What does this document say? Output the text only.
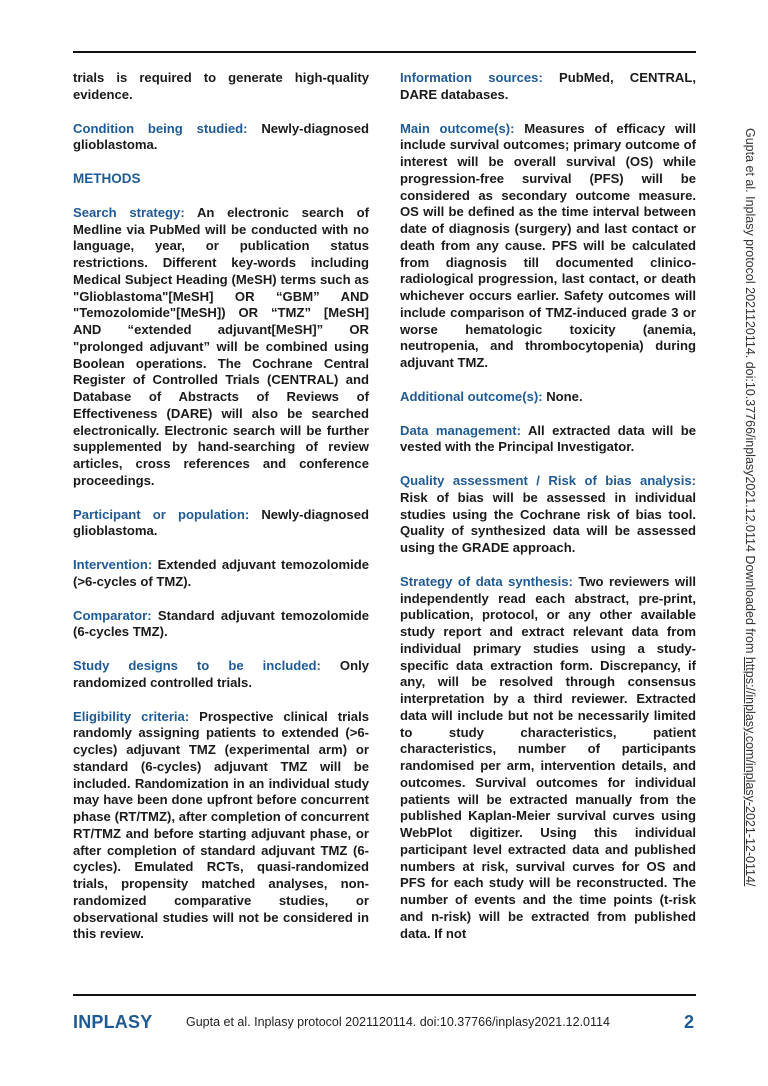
trials is required to generate high-quality evidence.

Condition being studied: Newly-diagnosed glioblastoma.

METHODS

Search strategy: An electronic search of Medline via PubMed will be conducted with no language, year, or publication status restrictions. Different key-words including Medical Subject Heading (MeSH) terms such as "Glioblastoma"[MeSH] OR “GBM” AND "Temozolomide"[MeSH]) OR “TMZ” [MeSH] AND “extended adjuvant[MeSH]” OR "prolonged adjuvant” will be combined using Boolean operations. The Cochrane Central Register of Controlled Trials (CENTRAL) and Database of Abstracts of Reviews of Effectiveness (DARE) will also be searched electronically. Electronic search will be further supplemented by hand-searching of review articles, cross references and conference proceedings.

Participant or population: Newly-diagnosed glioblastoma.

Intervention: Extended adjuvant temozolomide (>6-cycles of TMZ).

Comparator: Standard adjuvant temozolomide (6-cycles TMZ).

Study designs to be included: Only randomized controlled trials.

Eligibility criteria: Prospective clinical trials randomly assigning patients to extended (>6-cycles) adjuvant TMZ (experimental arm) or standard (6-cycles) adjuvant TMZ will be included. Randomization in an individual study may have been done upfront before concurrent phase (RT/TMZ), after completion of concurrent RT/TMZ and before starting adjuvant phase, or after completion of standard adjuvant TMZ (6-cycles). Emulated RCTs, quasi-randomized trials, propensity matched analyses, non-randomized comparative studies, or observational studies will not be considered in this review.

Information sources: PubMed, CENTRAL, DARE databases.

Main outcome(s): Measures of efficacy will include survival outcomes; primary outcome of interest will be overall survival (OS) while progression-free survival (PFS) will be considered as secondary outcome measure. OS will be defined as the time interval between date of diagnosis (surgery) and last contact or death from any cause. PFS will be calculated from diagnosis till documented clinico-radiological progression, last contact, or death whichever occurs earlier. Safety outcomes will include comparison of TMZ-induced grade 3 or worse hematologic toxicity (anemia, neutropenia, and thrombocytopenia) during adjuvant TMZ.

Additional outcome(s): None.

Data management: All extracted data will be vested with the Principal Investigator.

Quality assessment / Risk of bias analysis: Risk of bias will be assessed in individual studies using the Cochrane risk of bias tool. Quality of synthesized data will be assessed using the GRADE approach.

Strategy of data synthesis: Two reviewers will independently read each abstract, pre-print, publication, protocol, or any other available study report and extract relevant data from individual primary studies using a study-specific data extraction form. Discrepancy, if any, will be resolved through consensus interpretation by a third reviewer. Extracted data will include but not be necessarily limited to study characteristics, patient characteristics, number of participants randomised per arm, intervention details, and outcomes. Survival outcomes for individual patients will be extracted manually from the published Kaplan-Meier survival curves using WebPlot digitizer. Using this individual participant level extracted data and published numbers at risk, survival curves for OS and PFS for each study will be reconstructed. The number of events and the time points (t-risk and n-risk) will be extracted from published data. If not

Gupta et al. Inplasy protocol 2021120114. doi:10.37766/inplasy2021.12.0114 Downloaded from https://inplasy.com/inplasy-2021-12-0114/
INPLASY	Gupta et al. Inplasy protocol 2021120114. doi:10.37766/inplasy2021.12.0114	2
